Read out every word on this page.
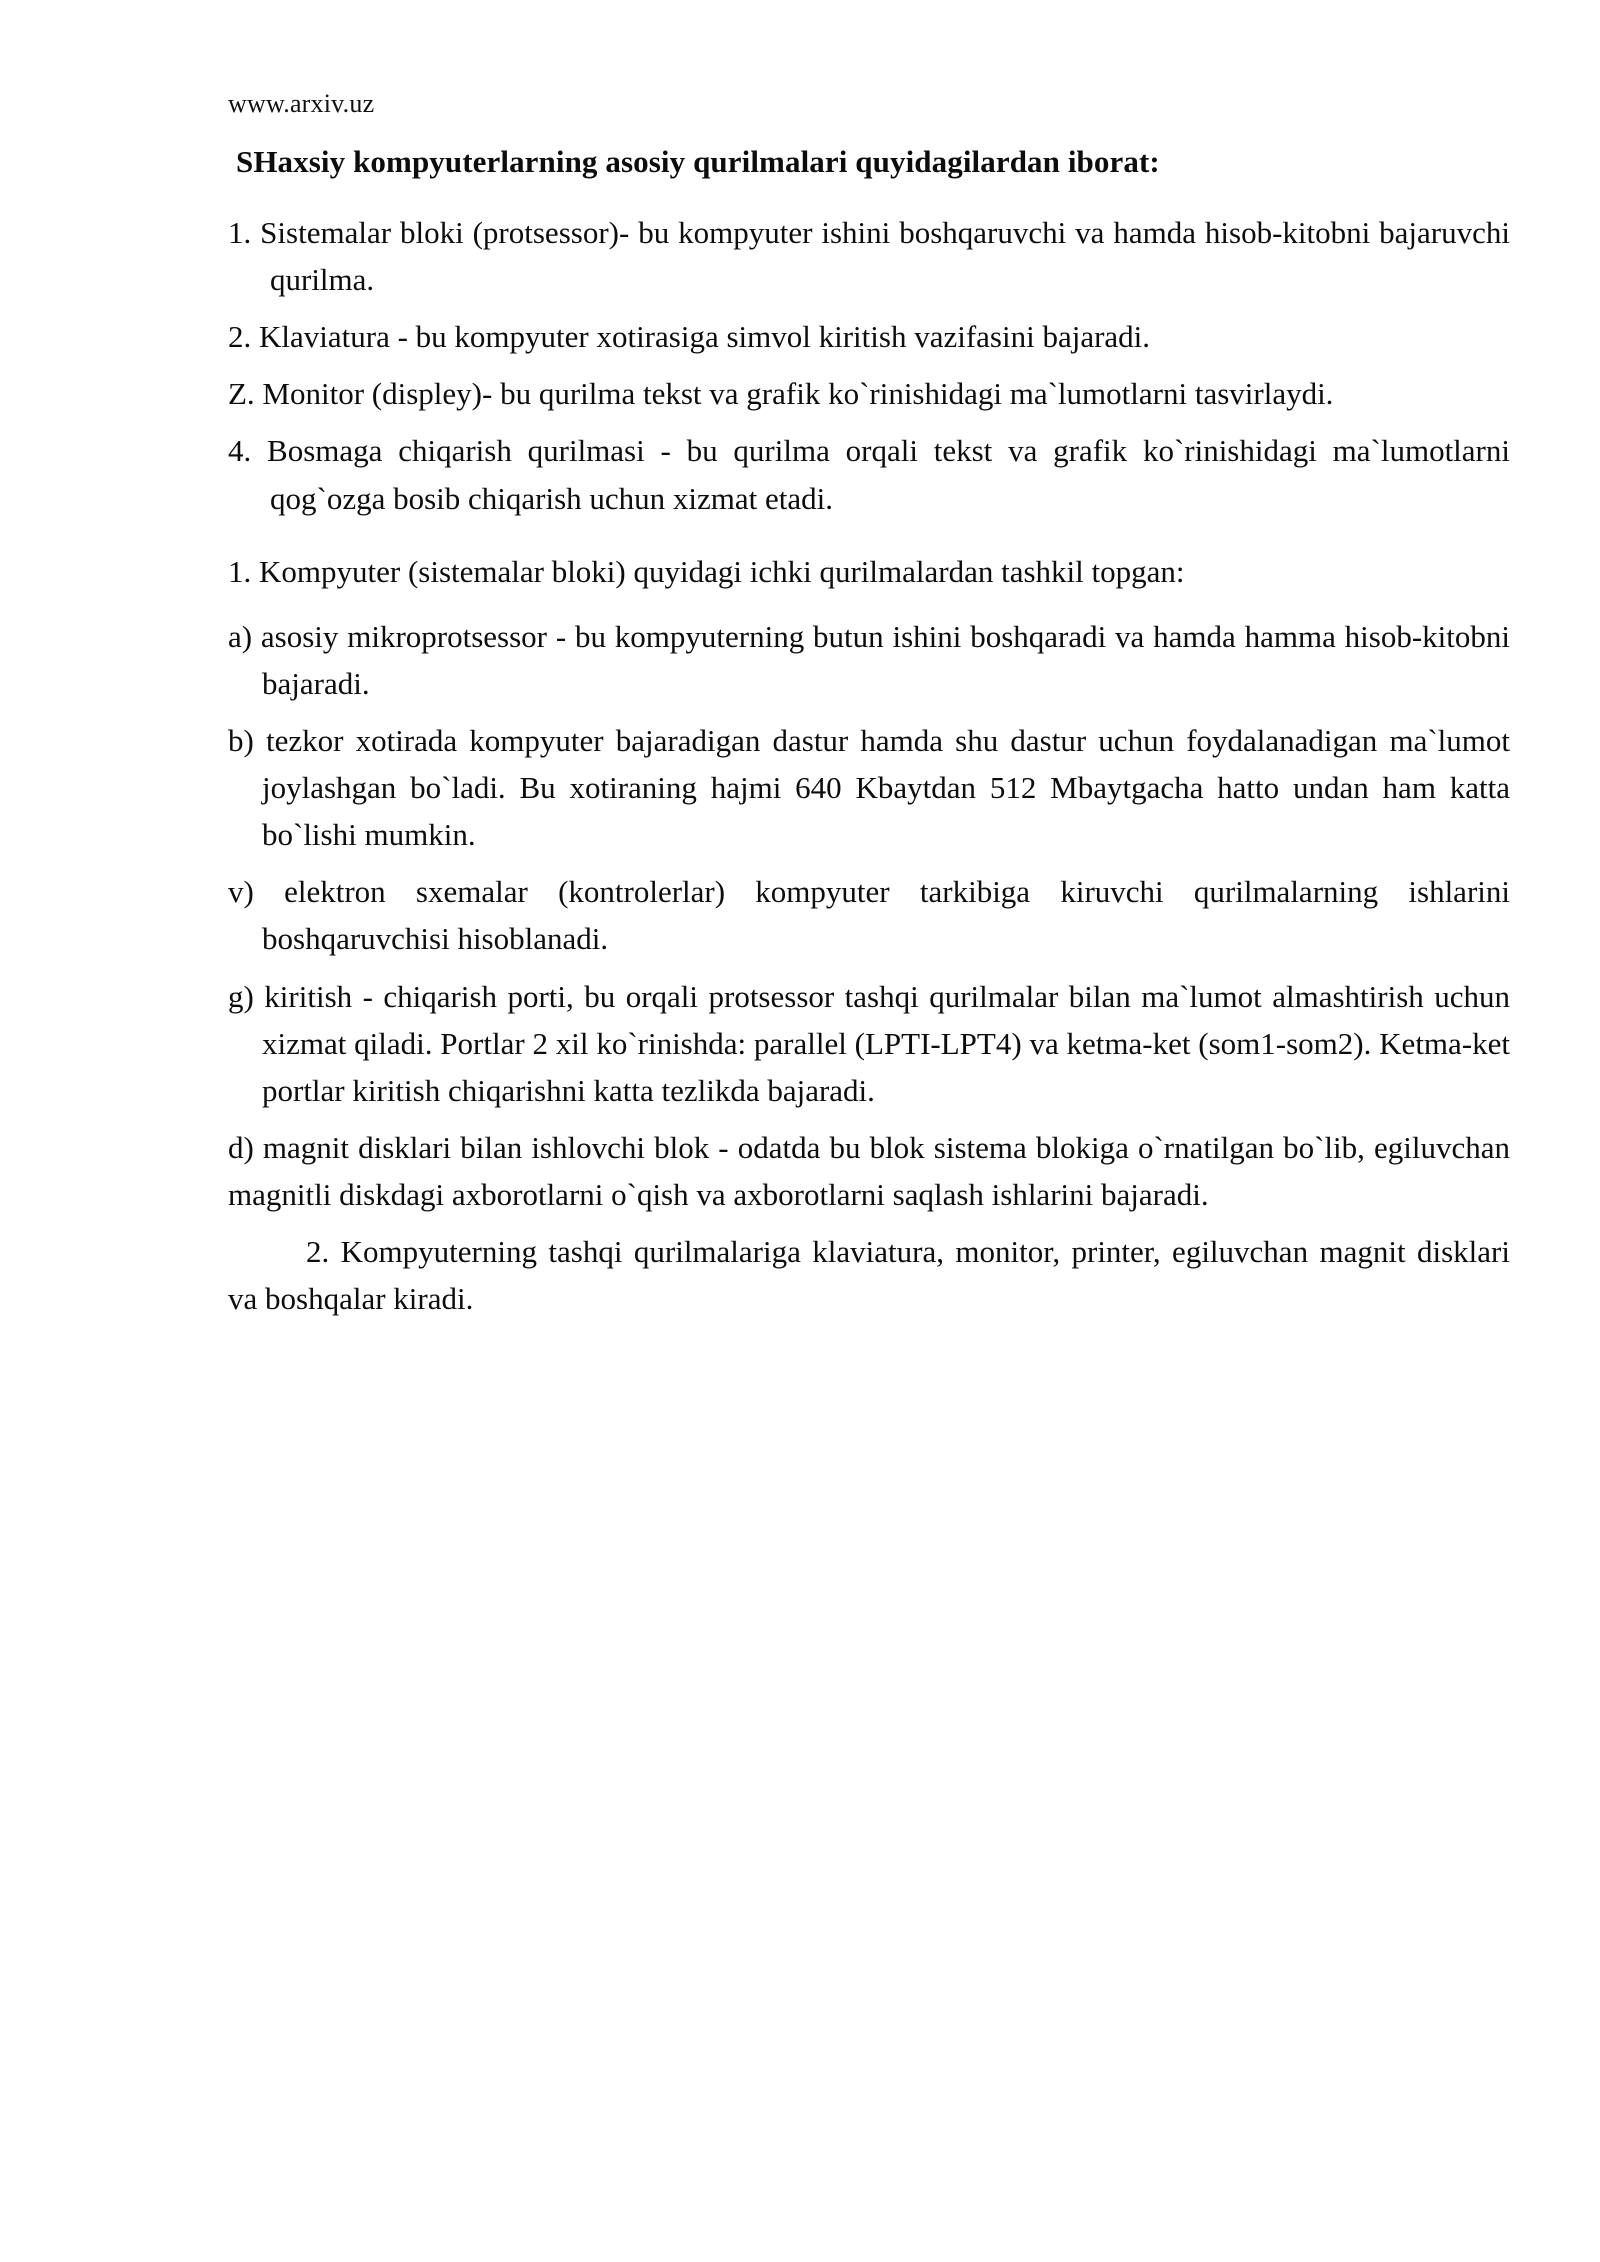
www.arxiv.uz
SHaxsiy kompyuterlarning asosiy qurilmalari quyidagilardan iborat:
1. Sistemalar bloki (protsessor)- bu kompyuter ishini boshqaruvchi va hamda hisob-kitobni bajaruvchi qurilma.
2. Klaviatura - bu kompyuter xotirasiga simvol kiritish vazifasini bajaradi.
Z. Monitor (displey)- bu qurilma tekst va grafik ko`rinishidagi ma`lumotlarni tasvirlaydi.
4. Bosmaga chiqarish qurilmasi - bu qurilma orqali tekst va grafik ko`rinishidagi ma`lumotlarni qog`ozga bosib chiqarish uchun xizmat etadi.
1. Kompyuter (sistemalar bloki) quyidagi ichki qurilmalardan tashkil topgan:
a) asosiy mikroprotsessor - bu kompyuterning butun ishini boshqaradi va hamda hamma hisob-kitobni bajaradi.
b) tezkor xotirada kompyuter bajaradigan dastur hamda shu dastur uchun foydalanadigan ma`lumot joylashgan bo`ladi. Bu xotiraning hajmi 640 Kbaytdan 512 Mbaytgacha hatto undan ham katta bo`lishi mumkin.
v) elektron sxemalar (kontrolerlar) kompyuter tarkibiga kiruvchi qurilmalarning ishlarini boshqaruvchisi hisoblanadi.
g) kiritish - chiqarish porti, bu orqali protsessor tashqi qurilmalar bilan ma`lumot almashtirish uchun xizmat qiladi. Portlar 2 xil ko`rinishda: parallel (LPTI-LPT4) va ketma-ket (som1-som2). Ketma-ket portlar kiritish chiqarishni katta tezlikda bajaradi.
d) magnit disklari bilan ishlovchi blok - odatda bu blok sistema blokiga o`rnatilgan bo`lib, egiluvchan magnitli diskdagi axborotlarni o`qish va axborotlarni saqlash ishlarini bajaradi.
2. Kompyuterning tashqi qurilmalariga klaviatura, monitor, printer, egiluvchan magnit disklari va boshqalar kiradi.
